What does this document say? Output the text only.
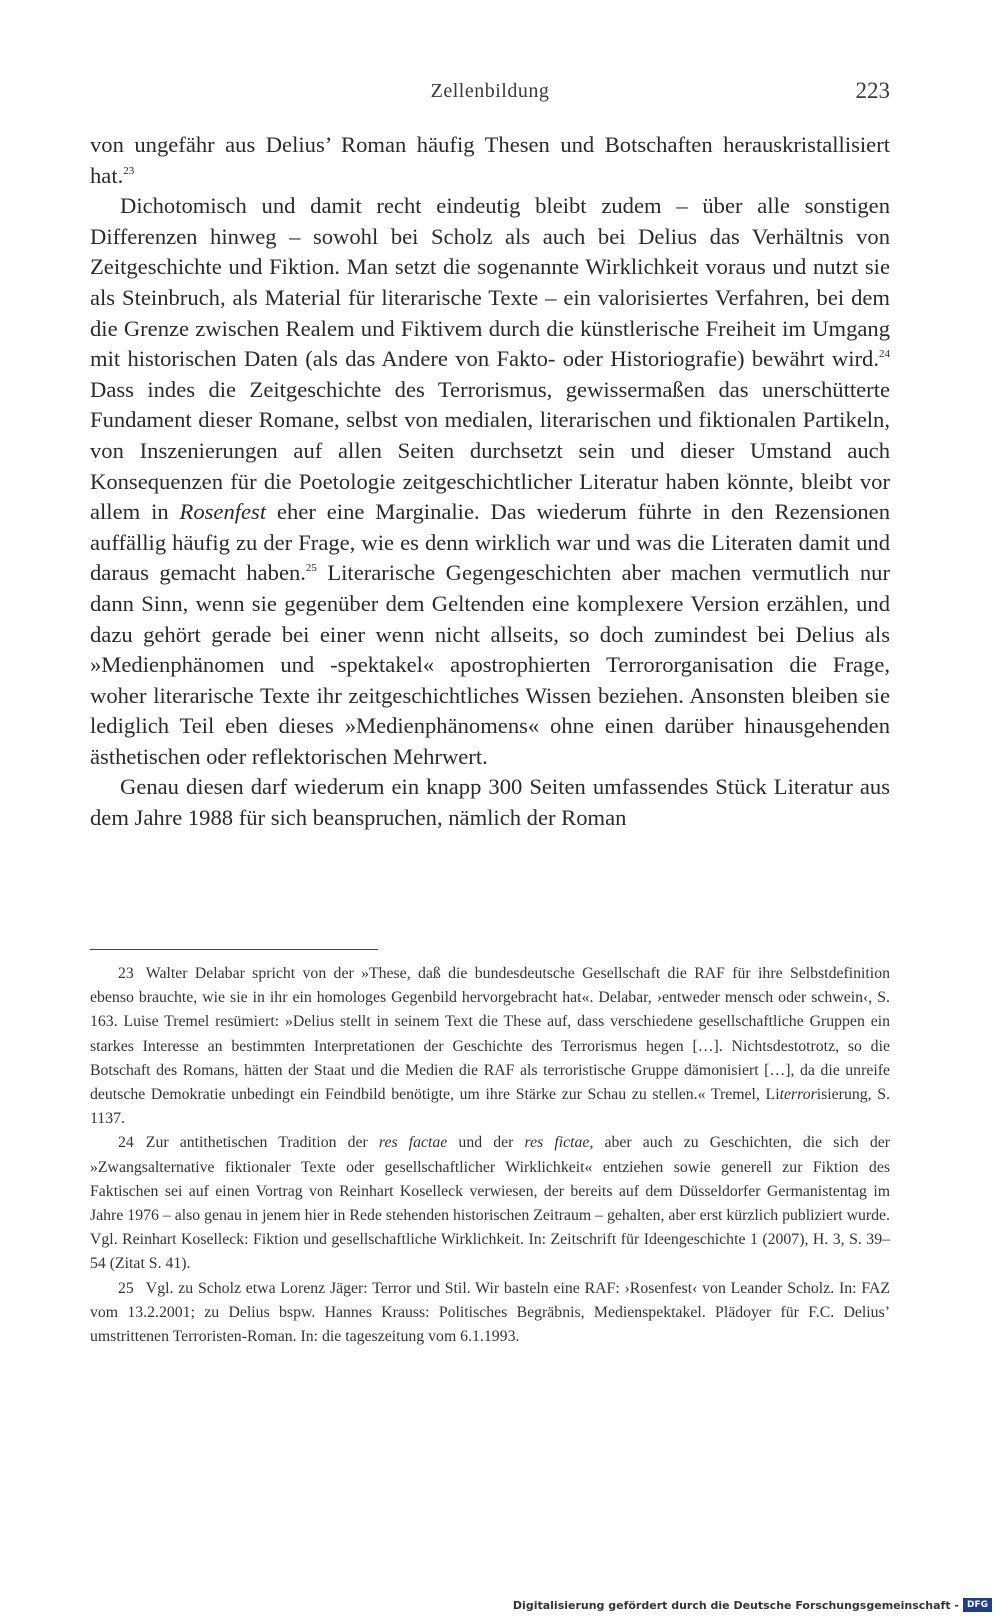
Zellenbildung	223

von ungefähr aus Delius’ Roman häufig Thesen und Botschaften herauskristallisiert hat.$^{23}$

Dichotomisch und damit recht eindeutig bleibt zudem – über alle sonstigen Differenzen hinweg – sowohl bei Scholz als auch bei Delius das Verhältnis von Zeitgeschichte und Fiktion. Man setzt die sogenannte Wirklichkeit voraus und nutzt sie als Steinbruch, als Material für literarische Texte – ein valorisiertes Verfahren, bei dem die Grenze zwischen Realem und Fiktivem durch die künstlerische Freiheit im Umgang mit historischen Daten (als das Andere von Fakto- oder Historiografie) bewährt wird.$^{24}$ Dass indes die Zeitgeschichte des Terrorismus, gewissermaßen das unerschütterte Fundament dieser Romane, selbst von medialen, literarischen und fiktionalen Partikeln, von Inszenierungen auf allen Seiten durchsetzt sein und dieser Umstand auch Konsequenzen für die Poetologie zeitgeschichtlicher Literatur haben könnte, bleibt vor allem in Rosenfest eher eine Marginalie. Das wiederum führte in den Rezensionen auffällig häufig zu der Frage, wie es denn wirklich war und was die Literaten damit und daraus gemacht haben.$^{25}$ Literarische Gegengeschichten aber machen vermutlich nur dann Sinn, wenn sie gegenüber dem Geltenden eine komplexere Version erzählen, und dazu gehört gerade bei einer wenn nicht allseits, so doch zumindest bei Delius als »Medienphänomen und -spektakel« apostrophierten Terrororganisation die Frage, woher literarische Texte ihr zeitgeschichtliches Wissen beziehen. Ansonsten bleiben sie lediglich Teil eben dieses »Medienphänomens« ohne einen darüber hinausgehenden ästhetischen oder reflektorischen Mehrwert.

Genau diesen darf wiederum ein knapp 300 Seiten umfassendes Stück Literatur aus dem Jahre 1988 für sich beanspruchen, nämlich der Roman

23 Walter Delabar spricht von der »These, daß die bundesdeutsche Gesellschaft die RAF für ihre Selbstdefinition ebenso brauchte, wie sie in ihr ein homologes Gegenbild hervorgebracht hat«. Delabar, ›entweder mensch oder schwein‹, S. 163. Luise Tremel resümiert: »Delius stellt in seinem Text die These auf, dass verschiedene gesellschaftliche Gruppen ein starkes Interesse an bestimmten Interpretationen der Geschichte des Terrorismus hegen […]. Nichtsdestotrotz, so die Botschaft des Romans, hätten der Staat und die Medien die RAF als terroristische Gruppe dämonisiert […], da die unreife deutsche Demokratie unbedingt ein Feindbild benötigte, um ihre Stärke zur Schau zu stellen.« Tremel, Literrorisierung, S. 1137.

24 Zur antithetischen Tradition der res factae und der res fictae, aber auch zu Geschichten, die sich der »Zwangsalternative fiktionaler Texte oder gesellschaftlicher Wirklichkeit« entziehen sowie generell zur Fiktion des Faktischen sei auf einen Vortrag von Reinhart Koselleck verwiesen, der bereits auf dem Düsseldorfer Germanistentag im Jahre 1976 – also genau in jenem hier in Rede stehenden historischen Zeitraum – gehalten, aber erst kürzlich publiziert wurde. Vgl. Reinhart Koselleck: Fiktion und gesellschaftliche Wirklichkeit. In: Zeitschrift für Ideengeschichte 1 (2007), H. 3, S. 39–54 (Zitat S. 41).

25 Vgl. zu Scholz etwa Lorenz Jäger: Terror und Stil. Wir basteln eine RAF: ›Rosenfest‹ von Leander Scholz. In: FAZ vom 13.2.2001; zu Delius bspw. Hannes Krauss: Politisches Begräbnis, Medienspektakel. Plädoyer für F.C. Delius’ umstrittenen Terroristen-Roman. In: die tageszeitung vom 6.1.1993.

Digitalisierung gefördert durch die Deutsche Forschungsgemeinschaft - DFG
